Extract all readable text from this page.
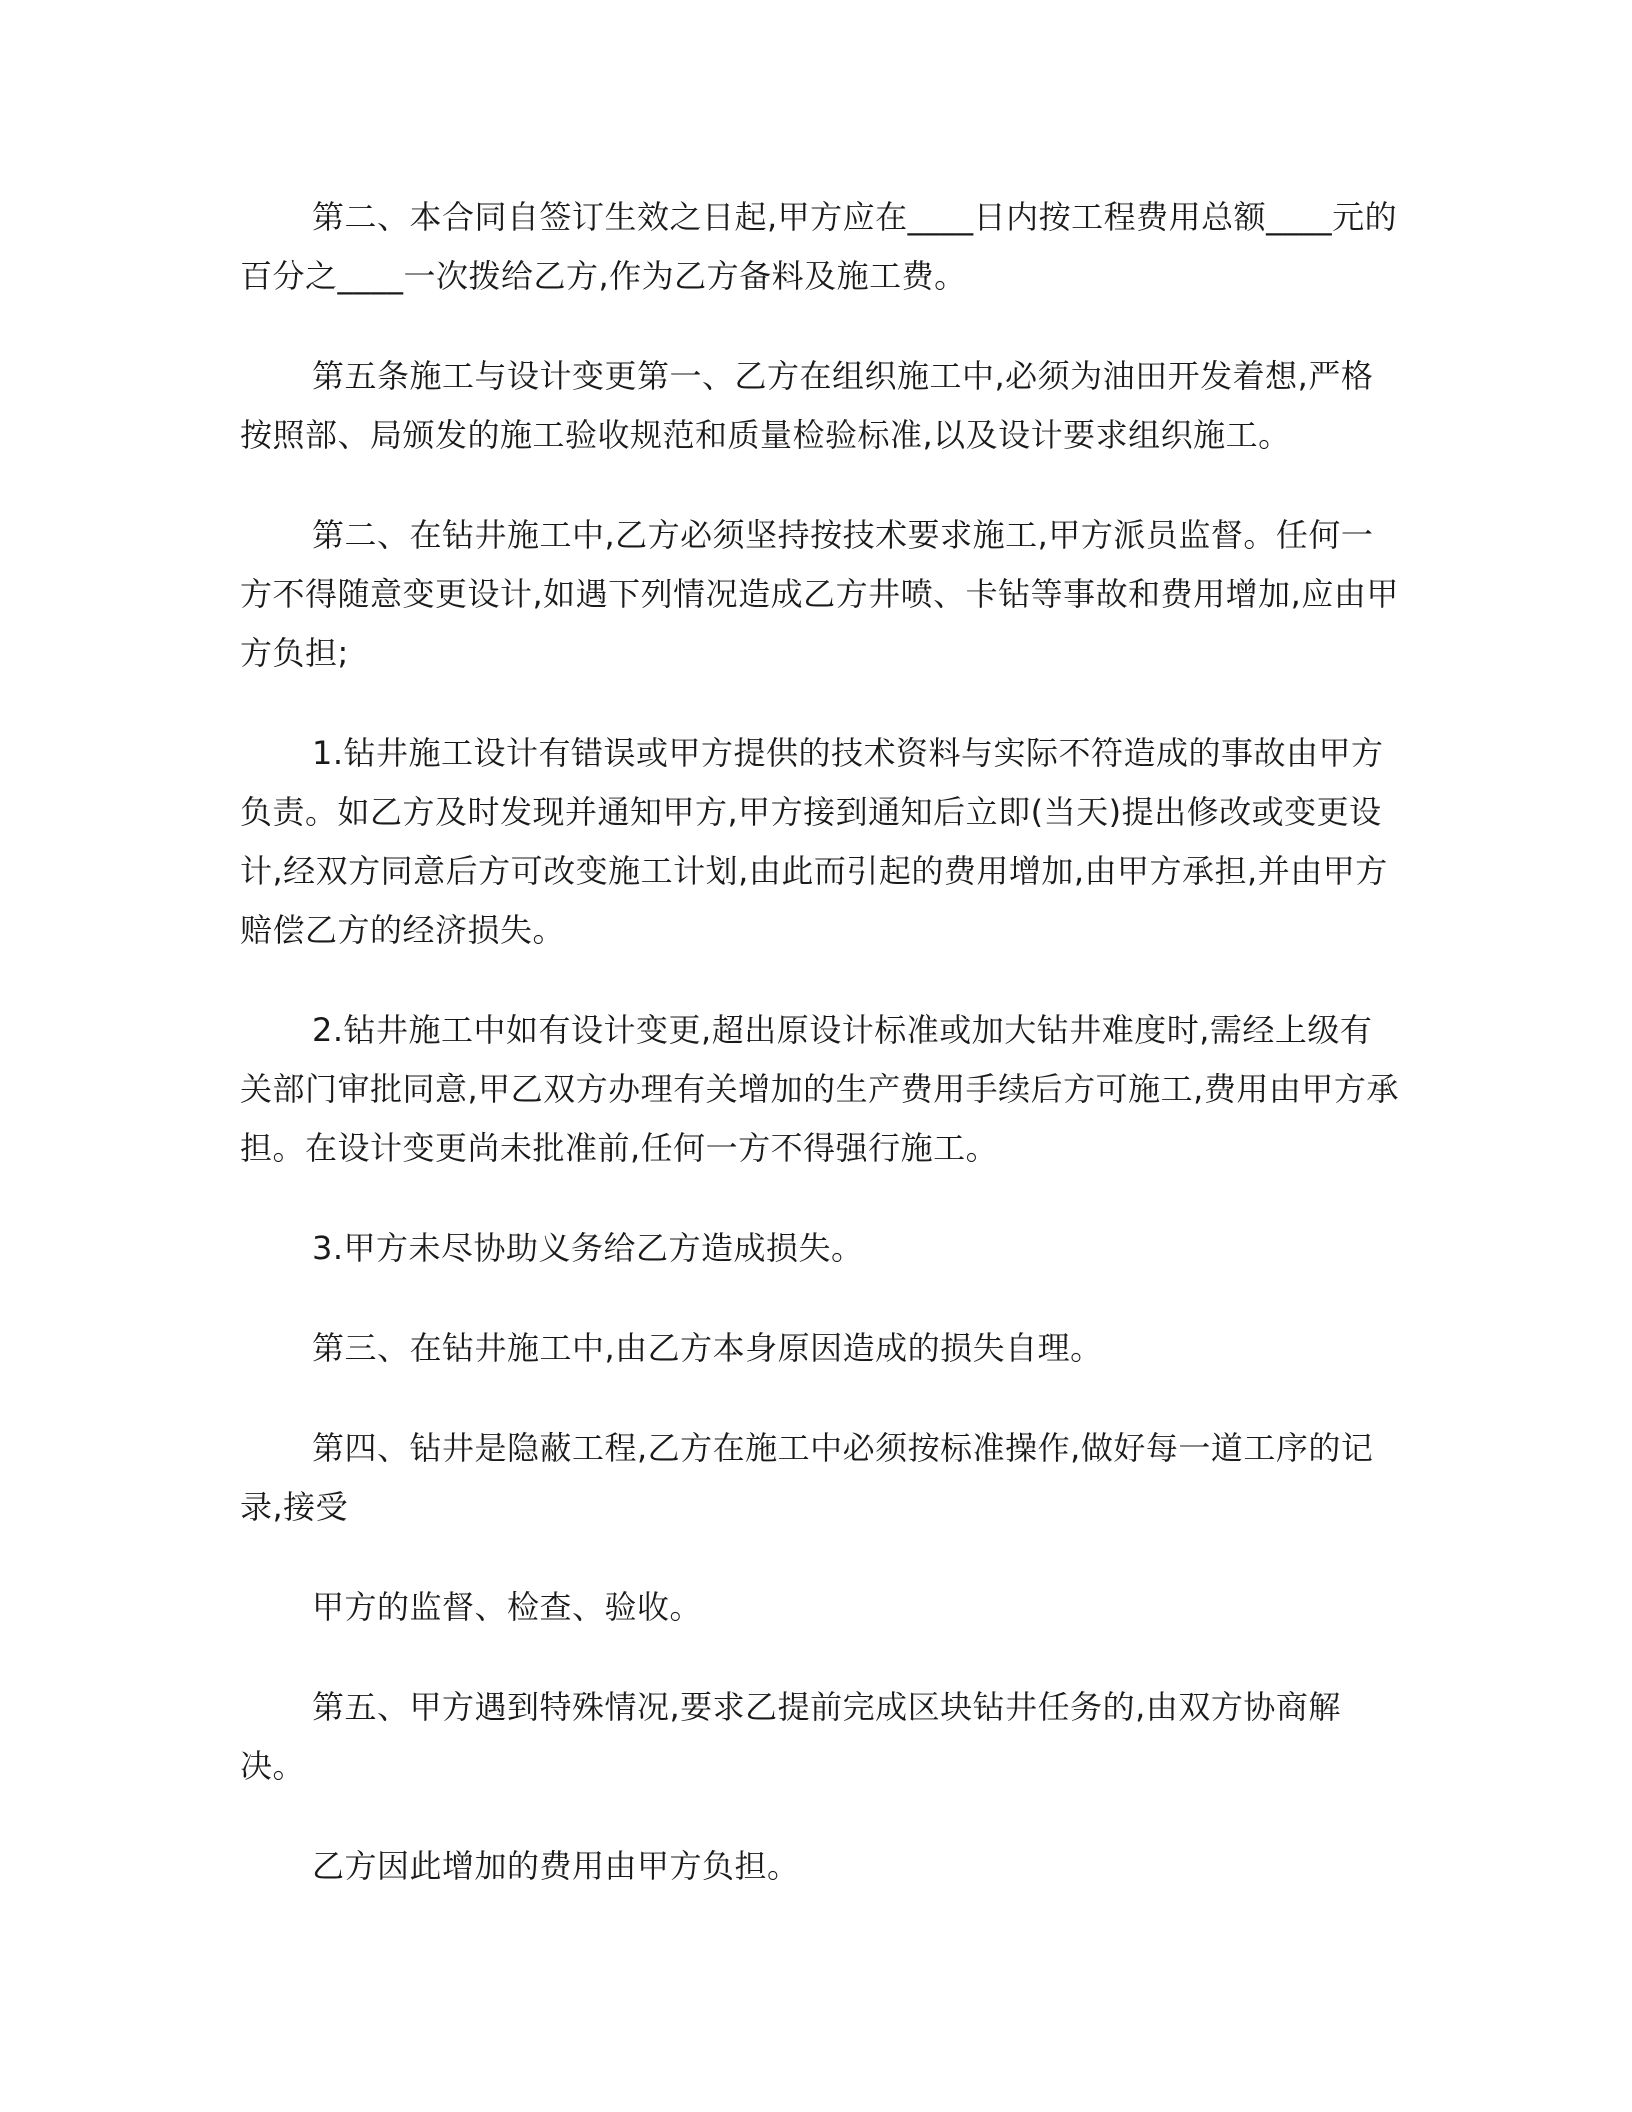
第二、本合同自签订生效之日起,甲方应在____日内按工程费用总额____元的百分之____一次拨给乙方,作为乙方备料及施工费。

第五条施工与设计变更第一、乙方在组织施工中,必须为油田开发着想,严格按照部、局颁发的施工验收规范和质量检验标准,以及设计要求组织施工。

第二、在钻井施工中,乙方必须坚持按技术要求施工,甲方派员监督。任何一方不得随意变更设计,如遇下列情况造成乙方井喷、卡钻等事故和费用增加,应由甲方负担;

1.钻井施工设计有错误或甲方提供的技术资料与实际不符造成的事故由甲方负责。如乙方及时发现并通知甲方,甲方接到通知后立即(当天)提出修改或变更设计,经双方同意后方可改变施工计划,由此而引起的费用增加,由甲方承担,并由甲方赔偿乙方的经济损失。

2.钻井施工中如有设计变更,超出原设计标准或加大钻井难度时,需经上级有关部门审批同意,甲乙双方办理有关增加的生产费用手续后方可施工,费用由甲方承担。在设计变更尚未批准前,任何一方不得强行施工。

3.甲方未尽协助义务给乙方造成损失。

第三、在钻井施工中,由乙方本身原因造成的损失自理。

第四、钻井是隐蔽工程,乙方在施工中必须按标准操作,做好每一道工序的记录,接受

甲方的监督、检查、验收。

第五、甲方遇到特殊情况,要求乙提前完成区块钻井任务的,由双方协商解决。

乙方因此增加的费用由甲方负担。
